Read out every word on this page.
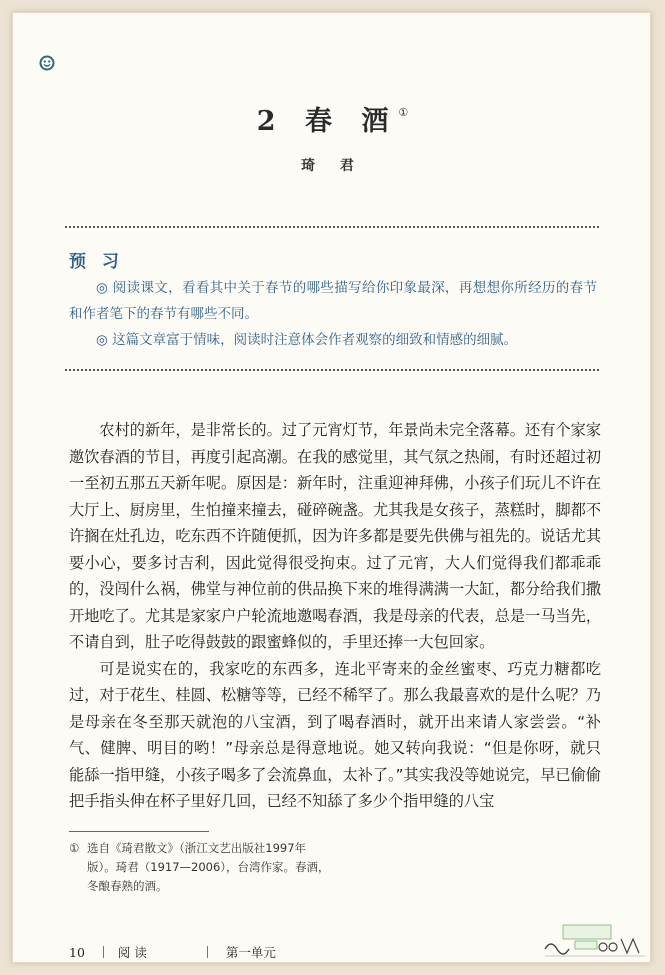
2 春 酒①
琦 君
预 习

◎ 阅读课文，看看其中关于春节的哪些描写给你印象最深，再想想你所经历的春节和作者笔下的春节有哪些不同。

◎ 这篇文章富于情味，阅读时注意体会作者观察的细致和情感的细腻。

农村的新年，是非常长的。过了元宵灯节，年景尚未完全落幕。还有个家家邀饮春酒的节目，再度引起高潮。在我的感觉里，其气氛之热闹，有时还超过初一至初五那五天新年呢。原因是：新年时，注重迎神拜佛，小孩子们玩儿不许在大厅上、厨房里，生怕撞来撞去，碰碎碗盏。尤其我是女孩子，蒸糕时，脚都不许搁在灶孔边，吃东西不许随便抓，因为许多都是要先供佛与祖先的。说话尤其要小心，要多讨吉利，因此觉得很受拘束。过了元宵，大人们觉得我们都乖乖的，没闯什么祸，佛堂与神位前的供品换下来的堆得满满一大缸，都分给我们撒开地吃了。尤其是家家户户轮流地邀喝春酒，我是母亲的代表，总是一马当先，不请自到，肚子吃得鼓鼓的跟蜜蜂似的，手里还捧一大包回家。

可是说实在的，我家吃的东西多，连北平寄来的金丝蜜枣、巧克力糖都吃过，对于花生、桂圆、松糖等等，已经不稀罕了。那么我最喜欢的是什么呢？乃是母亲在冬至那天就泡的八宝酒，到了喝春酒时，就开出来请人家尝尝。“补气、健脾、明目的哟！”母亲总是得意地说。她又转向我说：“但是你呀，就只能舔一指甲缝，小孩子喝多了会流鼻血，太补了。”其实我没等她说完，早已偷偷把手指头伸在杯子里好几回，已经不知舔了多少个指甲缝的八宝

① 选自《琦君散文》（浙江文艺出版社1997年
版）。琦君（1917—2006），台湾作家。春酒，
冬酿春熟的酒。
10	阅 读	第一单元
